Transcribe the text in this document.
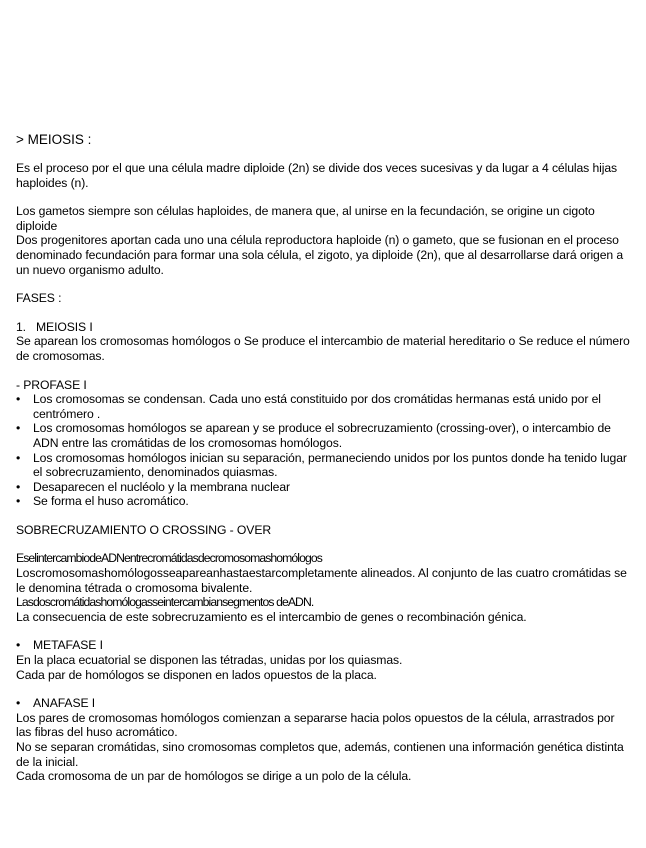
> MEIOSIS :

Es el proceso por el que una célula madre diploide (2n) se divide dos veces sucesivas y da lugar a 4 células hijas haploides (n).

Los gametos siempre son células haploides, de manera que, al unirse en la fecundación, se origine un cigoto diploide

Dos progenitores aportan cada uno una célula reproductora haploide (n) o gameto, que se fusionan en el proceso denominado fecundación para formar una sola célula, el zigoto, ya diploide (2n), que al desarrollarse dará origen a un nuevo organismo adulto.

FASES :

1. MEIOSIS I

Se aparean los cromosomas homólogos o Se produce el intercambio de material hereditario o Se reduce el número de cromosomas.

- PROFASE I

• Los cromosomas se condensan. Cada uno está constituido por dos cromátidas hermanas está unido por el centrómero .
• Los cromosomas homólogos se aparean y se produce el sobrecruzamiento (crossing-over), o intercambio de ADN entre las cromátidas de los cromosomas homólogos.
• Los cromosomas homólogos inician su separación, permaneciendo unidos por los puntos donde ha tenido lugar el sobrecruzamiento, denominados quiasmas.
• Desaparecen el nucléolo y la membrana nuclear
• Se forma el huso acromático.

SOBRECRUZAMIENTO O CROSSING - OVER

EselintercambiodeADNentrecromátidasdecromosomashomólogos

Loscromosomashomólogosseapareanhastaestarcompletamente alineados. Al conjunto de las cuatro cromátidas se le denomina tétrada o cromosoma bivalente.

Lasdoscromátidashomólogasseintercambiansegmentos deADN.

La consecuencia de este sobrecruzamiento es el intercambio de genes o recombinación génica.

• METAFASE I

En la placa ecuatorial se disponen las tétradas, unidas por los quiasmas.

Cada par de homólogos se disponen en lados opuestos de la placa.

• ANAFASE I

Los pares de cromosomas homólogos comienzan a separarse hacia polos opuestos de la célula, arrastrados por las fibras del huso acromático.

No se separan cromátidas, sino cromosomas completos que, además, contienen una información genética distinta de la inicial.

Cada cromosoma de un par de homólogos se dirige a un polo de la célula.
